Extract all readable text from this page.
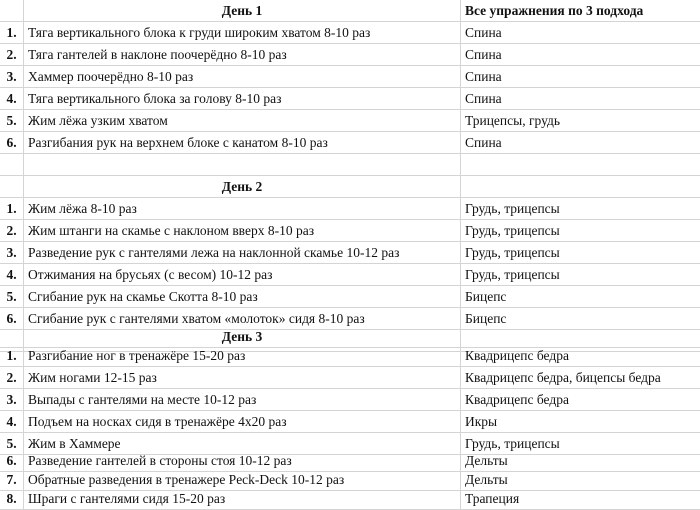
День 1	Все упражнения по 3 подхода
1. Тяга вертикального блока к груди широким хватом 8-10 раз	Спина
2. Тяга гантелей в наклоне поочерёдно 8-10 раз	Спина
3. Хаммер поочерёдно 8-10 раз	Спина
4. Тяга вертикального блока за голову 8-10 раз	Спина
5. Жим лёжа узким хватом	Трицепсы, грудь
6. Разгибания рук на верхнем блоке с канатом 8-10 раз	Спина
День 2
1. Жим лёжа 8-10 раз	Грудь, трицепсы
2. Жим штанги на скамье с наклоном вверх 8-10 раз	Грудь, трицепсы
3. Разведение рук с гантелями лежа на наклонной скамье 10-12 раз	Грудь, трицепсы
4. Отжимания на брусьях (с весом) 10-12 раз	Грудь, трицепсы
5. Сгибание рук на скамье Скотта 8-10 раз	Бицепс
6. Сгибание рук с гантелями хватом «молоток» сидя 8-10 раз	Бицепс
День 3
1. Разгибание ног в тренажёре 15-20 раз	Квадрицепс бедра
2. Жим ногами 12-15 раз	Квадрицепс бедра, бицепсы бедра
3. Выпады с гантелями на месте 10-12 раз	Квадрицепс бедра
4. Подъем на носках сидя в тренажёре 4х20 раз	Икры
5. Жим в Хаммере	Грудь, трицепсы
6. Разведение гантелей в стороны стоя 10-12 раз	Дельты
7. Обратные разведения в тренажере Peck-Deck 10-12 раз	Дельты
8. Шраги с гантелями сидя 15-20 раз	Трапеция
